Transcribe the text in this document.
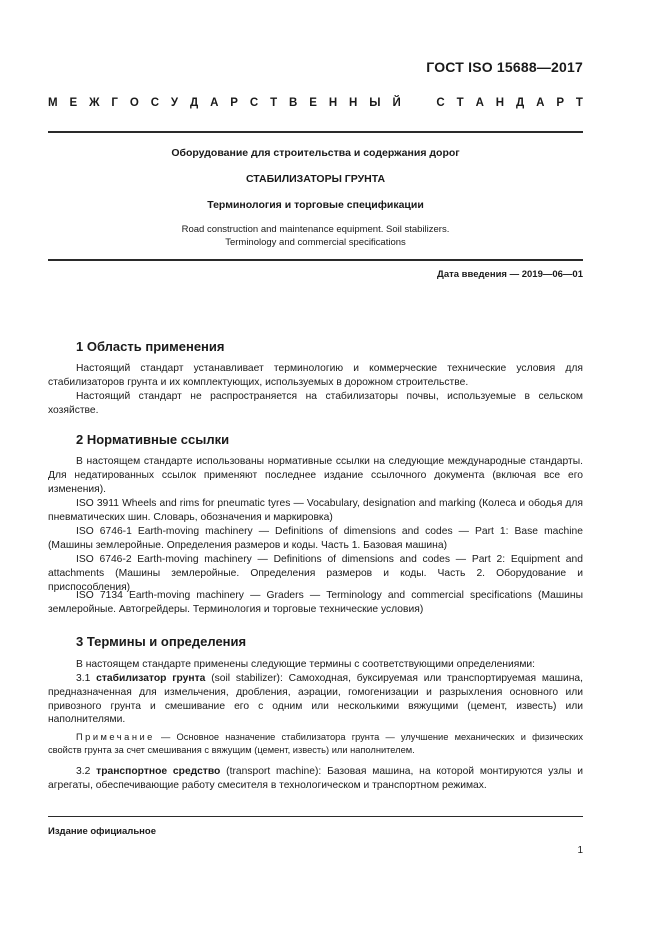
ГОСТ ISO 15688—2017
М Е Ж Г О С У Д А Р С Т В Е Н Н Ы Й	С Т А Н Д А Р Т
Оборудование для строительства и содержания дорог
СТАБИЛИЗАТОРЫ ГРУНТА
Терминология и торговые спецификации
Road construction and maintenance equipment. Soil stabilizers.
Terminology and commercial specifications
Дата введения — 2019—06—01
1 Область применения
Настоящий стандарт устанавливает терминологию и коммерческие технические условия для стабилизаторов грунта и их комплектующих, используемых в дорожном строительстве.
Настоящий стандарт не распространяется на стабилизаторы почвы, используемые в сельском хозяйстве.
2 Нормативные ссылки
В настоящем стандарте использованы нормативные ссылки на следующие международные стандарты. Для недатированных ссылок применяют последнее издание ссылочного документа (включая все его изменения).
ISO 3911 Wheels and rims for pneumatic tyres — Vocabulary, designation and marking (Колеса и ободья для пневматических шин. Словарь, обозначения и маркировка)
ISO 6746-1 Earth-moving machinery — Definitions of dimensions and codes — Part 1: Base machine (Машины землеройные. Определения размеров и коды. Часть 1. Базовая машина)
ISO 6746-2 Earth-moving machinery — Definitions of dimensions and codes — Part 2: Equipment and attachments (Машины землеройные. Определения размеров и коды. Часть 2. Оборудование и приспособления)
ISO 7134 Earth-moving machinery — Graders — Terminology and commercial specifications (Машины землеройные. Автогрейдеры. Терминология и торговые технические условия)
3 Термины и определения
В настоящем стандарте применены следующие термины с соответствующими определениями:
3.1 стабилизатор грунта (soil stabilizer): Самоходная, буксируемая или транспортируемая машина, предназначенная для измельчения, дробления, аэрации, гомогенизации и разрыхления основного или привозного грунта и смешивание его с одним или несколькими вяжущими (цемент, известь) или наполнителями.
Примечание — Основное назначение стабилизатора грунта — улучшение механических и физических свойств грунта за счет смешивания с вяжущим (цемент, известь) или наполнителем.
3.2 транспортное средство (transport machine): Базовая машина, на которой монтируются узлы и агрегаты, обеспечивающие работу смесителя в технологическом и транспортном режимах.
Издание официальное
1
